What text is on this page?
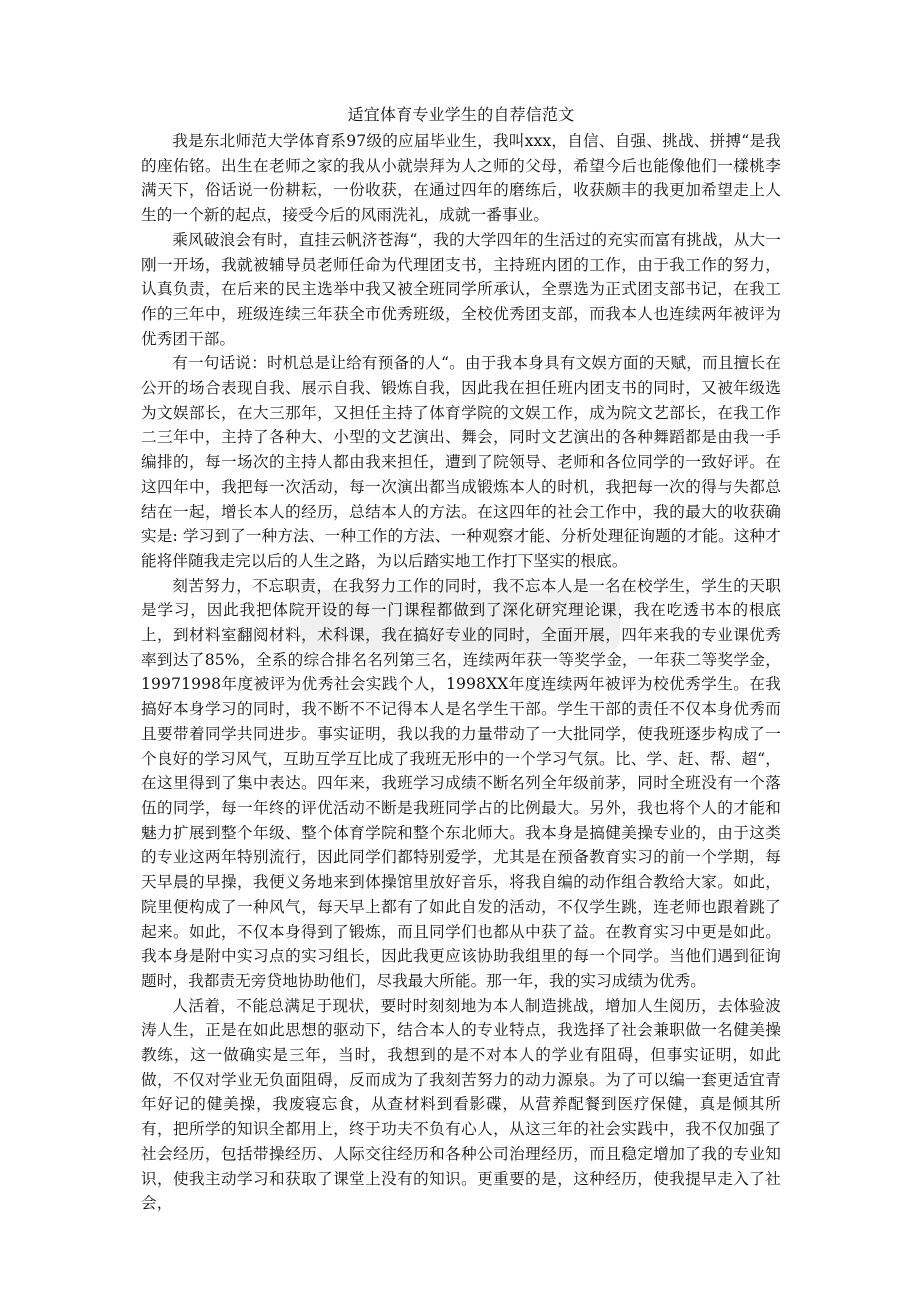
适宜体育专业学生的自荐信范文

我是东北师范大学体育系97级的应届毕业生，我叫xxx，自信、自强、挑战、拼搏“是我的座佑铭。出生在老师之家的我从小就崇拜为人之师的父母，希望今后也能像他们一樣桃李满天下，俗话说一份耕耘，一份收获，在通过四年的磨练后，收获颇丰的我更加希望走上人生的一个新的起点，接受今后的风雨洗礼，成就一番事业。

乘风破浪会有时，直挂云帆济苍海“，我的大学四年的生活过的充实而富有挑战，从大一刚一开场，我就被辅导员老师任命为代理团支书，主持班内团的工作，由于我工作的努力，认真负责，在后来的民主选举中我又被全班同学所承认，全票选为正式团支部书记，在我工作的三年中，班级连续三年获全市优秀班级，全校优秀团支部，而我本人也连续两年被评为优秀团干部。

有一句话说：时机总是让给有预备的人“。由于我本身具有文娱方面的天赋，而且擅长在公开的场合表现自我、展示自我、锻炼自我，因此我在担任班内团支书的同时，又被年级选为文娱部长，在大三那年，又担任主持了体育学院的文娱工作，成为院文艺部长，在我工作二三年中，主持了各种大、小型的文艺演出、舞会，同时文艺演出的各种舞蹈都是由我一手编排的，每一场次的主持人都由我来担任，遭到了院领导、老师和各位同学的一致好评。在这四年中，我把每一次活动，每一次演出都当成锻炼本人的时机，我把每一次的得与失都总结在一起，增长本人的经历，总结本人的方法。在这四年的社会工作中，我的最大的收获确实是: 学习到了一种方法、一种工作的方法、一种观察才能、分析处理征询题的才能。这种才能将伴随我走完以后的人生之路，为以后踏实地工作打下坚实的根底。

刻苦努力，不忘职责，在我努力工作的同时，我不忘本人是一名在校学生，学生的天职是学习，因此我把体院开设的每一门课程都做到了深化研究理论课，我在吃透书本的根底上，到材料室翻阅材料，术科课，我在搞好专业的同时，全面开展，四年来我的专业课优秀率到达了85%，全系的综合排名名列第三名，连续两年获一等奖学金，一年获二等奖学金，19971998年度被评为优秀社会实践个人，1998XX年度连续两年被评为校优秀学生。在我搞好本身学习的同时，我不断不不记得本人是名学生干部。学生干部的责任不仅本身优秀而且要带着同学共同进步。事实证明，我以我的力量带动了一大批同学，使我班逐步构成了一个良好的学习风气，互助互学互比成了我班无形中的一个学习气氛。比、学、赶、帮、超“，在这里得到了集中表达。四年来，我班学习成绩不断名列全年级前茅，同时全班没有一个落伍的同学，每一年终的评优活动不断是我班同学占的比例最大。另外，我也将个人的才能和魅力扩展到整个年级、整个体育学院和整个东北师大。我本身是搞健美操专业的，由于这类的专业这两年特别流行，因此同学们都特别爱学，尤其是在预备教育实习的前一个学期，每天早晨的早操，我便义务地来到体操馆里放好音乐，将我自编的动作组合教给大家。如此，院里便构成了一种风气，每天早上都有了如此自发的活动，不仅学生跳，连老师也跟着跳了起来。如此，不仅本身得到了锻炼，而且同学们也都从中获了益。在教育实习中更是如此。我本身是附中实习点的实习组长，因此我更应该协助我组里的每一个同学。当他们遇到征询题时，我都责无旁贷地协助他们，尽我最大所能。那一年，我的实习成绩为优秀。

人活着，不能总满足于现状，要时时刻刻地为本人制造挑战，增加人生阅历，去体验波涛人生，正是在如此思想的驱动下，结合本人的专业特点，我选择了社会兼职做一名健美操教练，这一做确实是三年，当时，我想到的是不对本人的学业有阻碍，但事实证明，如此做，不仅对学业无负面阻碍，反而成为了我刻苦努力的动力源泉。为了可以编一套更适宜青年好记的健美操，我废寝忘食，从查材料到看影碟，从营养配餐到医疗保健，真是倾其所有，把所学的知识全都用上，终于功夫不负有心人，从这三年的社会实践中，我不仅加强了社会经历，包括带操经历、人际交往经历和各种公司治理经历，而且稳定增加了我的专业知识，使我主动学习和获取了课堂上没有的知识。更重要的是，这种经历，使我提早走入了社会，
